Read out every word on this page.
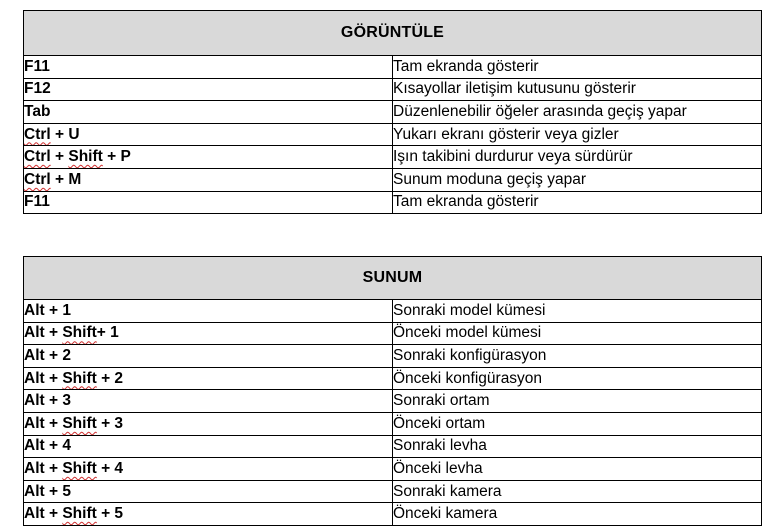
GÖRÜNTÜLE	
F11	Tam ekranda gösterir
F12	Kısayollar iletişim kutusunu gösterir
Tab	Düzenlenebilir öğeler arasında geçiş yapar
Ctrl + U	Yukarı ekranı gösterir veya gizler
Ctrl + Shift + P	Işın takibini durdurur veya sürdürür
Ctrl + M	Sunum moduna geçiş yapar
F11	Tam ekranda gösterir
SUNUM	
Alt + 1	Sonraki model kümesi
Alt + Shift+ 1	Önceki model kümesi
Alt + 2	Sonraki konfigürasyon
Alt + Shift + 2	Önceki konfigürasyon
Alt + 3	Sonraki ortam
Alt + Shift + 3	Önceki ortam
Alt + 4	Sonraki levha
Alt + Shift + 4	Önceki levha
Alt + 5	Sonraki kamera
Alt + Shift + 5	Önceki kamera
